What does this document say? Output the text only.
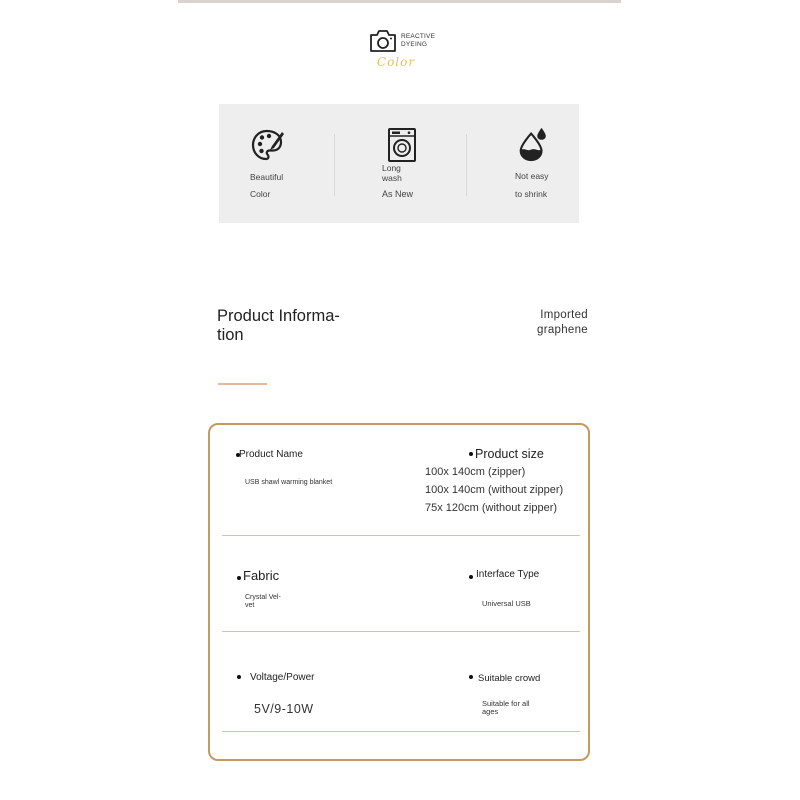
REACTIVE
DYEING
Color
Beautiful
Color
Long
wash
As New
Not easy
to shrink
Product Informa-
tion
Imported
graphene
Product Name
USB shawl warming blanket
Product size
100x 140cm (zipper)
100x 140cm (without zipper)
75x 120cm (without zipper)
Fabric
Crystal Vel-
vet
Interface Type
Universal USB
Voltage/Power
5V/9-10W
Suitable crowd
Suitable for all
ages
